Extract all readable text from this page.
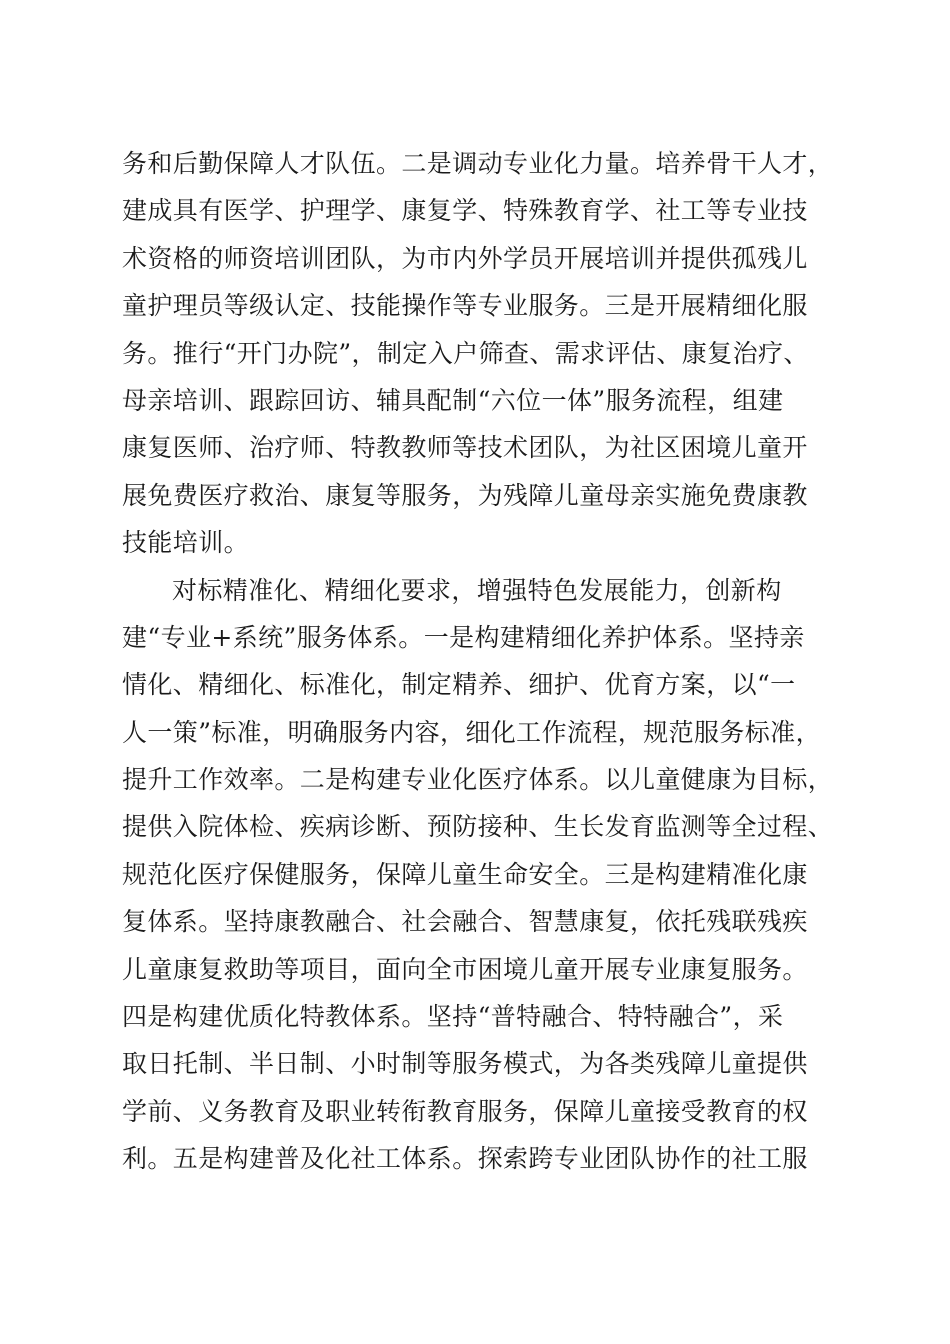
务和后勤保障人才队伍。二是调动专业化力量。培养骨干人才，
建成具有医学、护理学、康复学、特殊教育学、社工等专业技
术资格的师资培训团队，为市内外学员开展培训并提供孤残儿
童护理员等级认定、技能操作等专业服务。三是开展精细化服
务。推行“开门办院”，制定入户筛查、需求评估、康复治疗、
母亲培训、跟踪回访、辅具配制“六位一体”服务流程，组建
康复医师、治疗师、特教教师等技术团队，为社区困境儿童开
展免费医疗救治、康复等服务，为残障儿童母亲实施免费康教
技能培训。
对标精准化、精细化要求，增强特色发展能力，创新构
建“专业+系统”服务体系。一是构建精细化养护体系。坚持亲
情化、精细化、标准化，制定精养、细护、优育方案，以“一
人一策”标准，明确服务内容，细化工作流程，规范服务标准，
提升工作效率。二是构建专业化医疗体系。以儿童健康为目标，
提供入院体检、疾病诊断、预防接种、生长发育监测等全过程、
规范化医疗保健服务，保障儿童生命安全。三是构建精准化康
复体系。坚持康教融合、社会融合、智慧康复，依托残联残疾
儿童康复救助等项目，面向全市困境儿童开展专业康复服务。
四是构建优质化特教体系。坚持“普特融合、特特融合”，采
取日托制、半日制、小时制等服务模式，为各类残障儿童提供
学前、义务教育及职业转衔教育服务，保障儿童接受教育的权
利。五是构建普及化社工体系。探索跨专业团队协作的社工服
